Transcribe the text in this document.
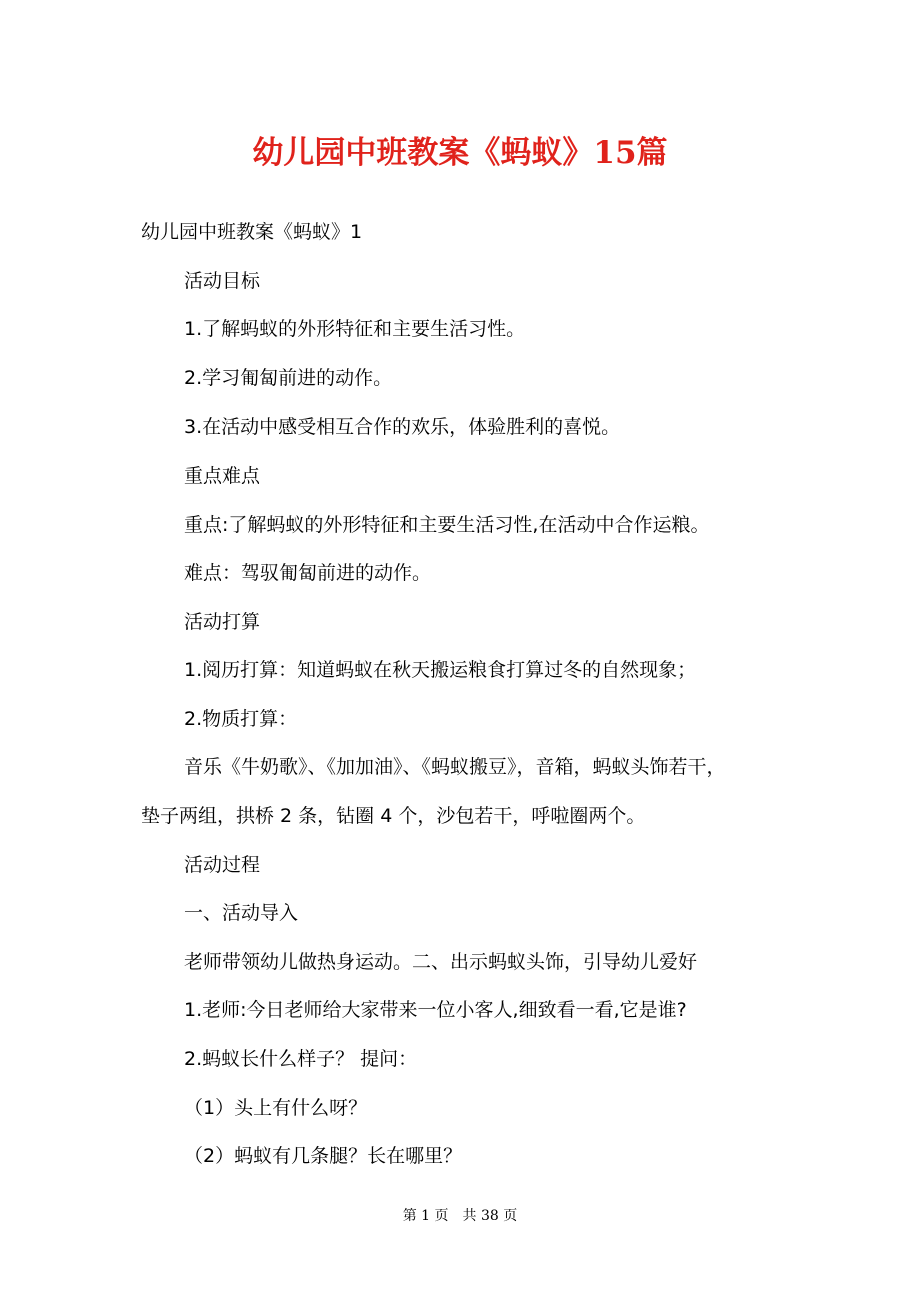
幼儿园中班教案《蚂蚁》15篇

幼儿园中班教案《蚂蚁》1

活动目标

1.了解蚂蚁的外形特征和主要生活习性。

2.学习匍匐前进的动作。

3.在活动中感受相互合作的欢乐，体验胜利的喜悦。

重点难点

重点:了解蚂蚁的外形特征和主要生活习性,在活动中合作运粮。

难点：驾驭匍匐前进的动作。

活动打算

1.阅历打算：知道蚂蚁在秋天搬运粮食打算过冬的自然现象；

2.物质打算：

音乐《牛奶歌》、《加加油》、《蚂蚁搬豆》，音箱，蚂蚁头饰若干，

垫子两组，拱桥 2 条，钻圈 4 个，沙包若干，呼啦圈两个。

活动过程

一、活动导入

老师带领幼儿做热身运动。二、出示蚂蚁头饰，引导幼儿爱好

1.老师:今日老师给大家带来一位小客人,细致看一看,它是谁?

2.蚂蚁长什么样子？ 提问：

（1）头上有什么呀？

（2）蚂蚁有几条腿？长在哪里？

第 1 页　共 38 页
